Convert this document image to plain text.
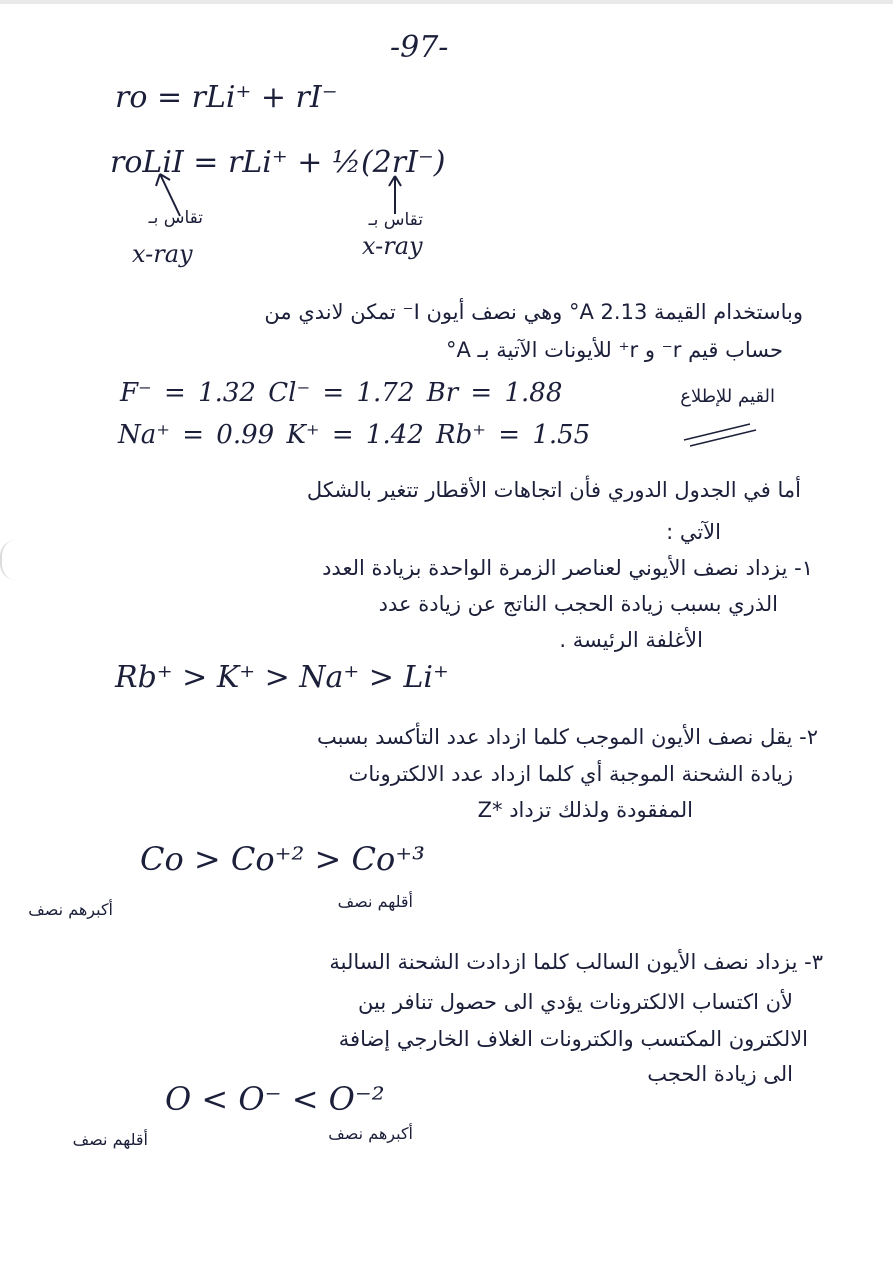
-97-
ro = rLi⁺ + rI⁻
roLiI = rLi⁺ + ½(2rI⁻)
تقاس بـ
x-ray
تقاس بـ
x-ray
وباستخدام القيمة 2.13 A° وهي نصف أيون I⁻ تمكن لاندي من
حساب قيم r⁻ و r⁺ للأيونات الآتية بـ A°
F⁻ = 1.32 Cl⁻ = 1.72 Br = 1.88	القيم للإطلاع
Na⁺ = 0.99 K⁺ = 1.42 Rb⁺ = 1.55
أما في الجدول الدوري فأن اتجاهات الأقطار تتغير بالشكل
الآتي :
١- يزداد نصف الأيوني لعناصر الزمرة الواحدة بزيادة العدد
الذري بسبب زيادة الحجب الناتج عن زيادة عدد
الأغلفة الرئيسة .
Rb⁺ > K⁺ > Na⁺ > Li⁺
٢- يقل نصف الأيون الموجب كلما ازداد عدد التأكسد بسبب
زيادة الشحنة الموجبة أي كلما ازداد عدد الالكترونات
المفقودة ولذلك تزداد *Z
Co > Co⁺² > Co⁺³
أكبرهم نصف	أقلهم نصف
٣- يزداد نصف الأيون السالب كلما ازدادت الشحنة السالبة
لأن اكتساب الالكترونات يؤدي الى حصول تنافر بين
الالكترون المكتسب والكترونات الغلاف الخارجي إضافة
الى زيادة الحجب
O < O⁻ < O⁻²
أقلهم نصف	أكبرهم نصف
